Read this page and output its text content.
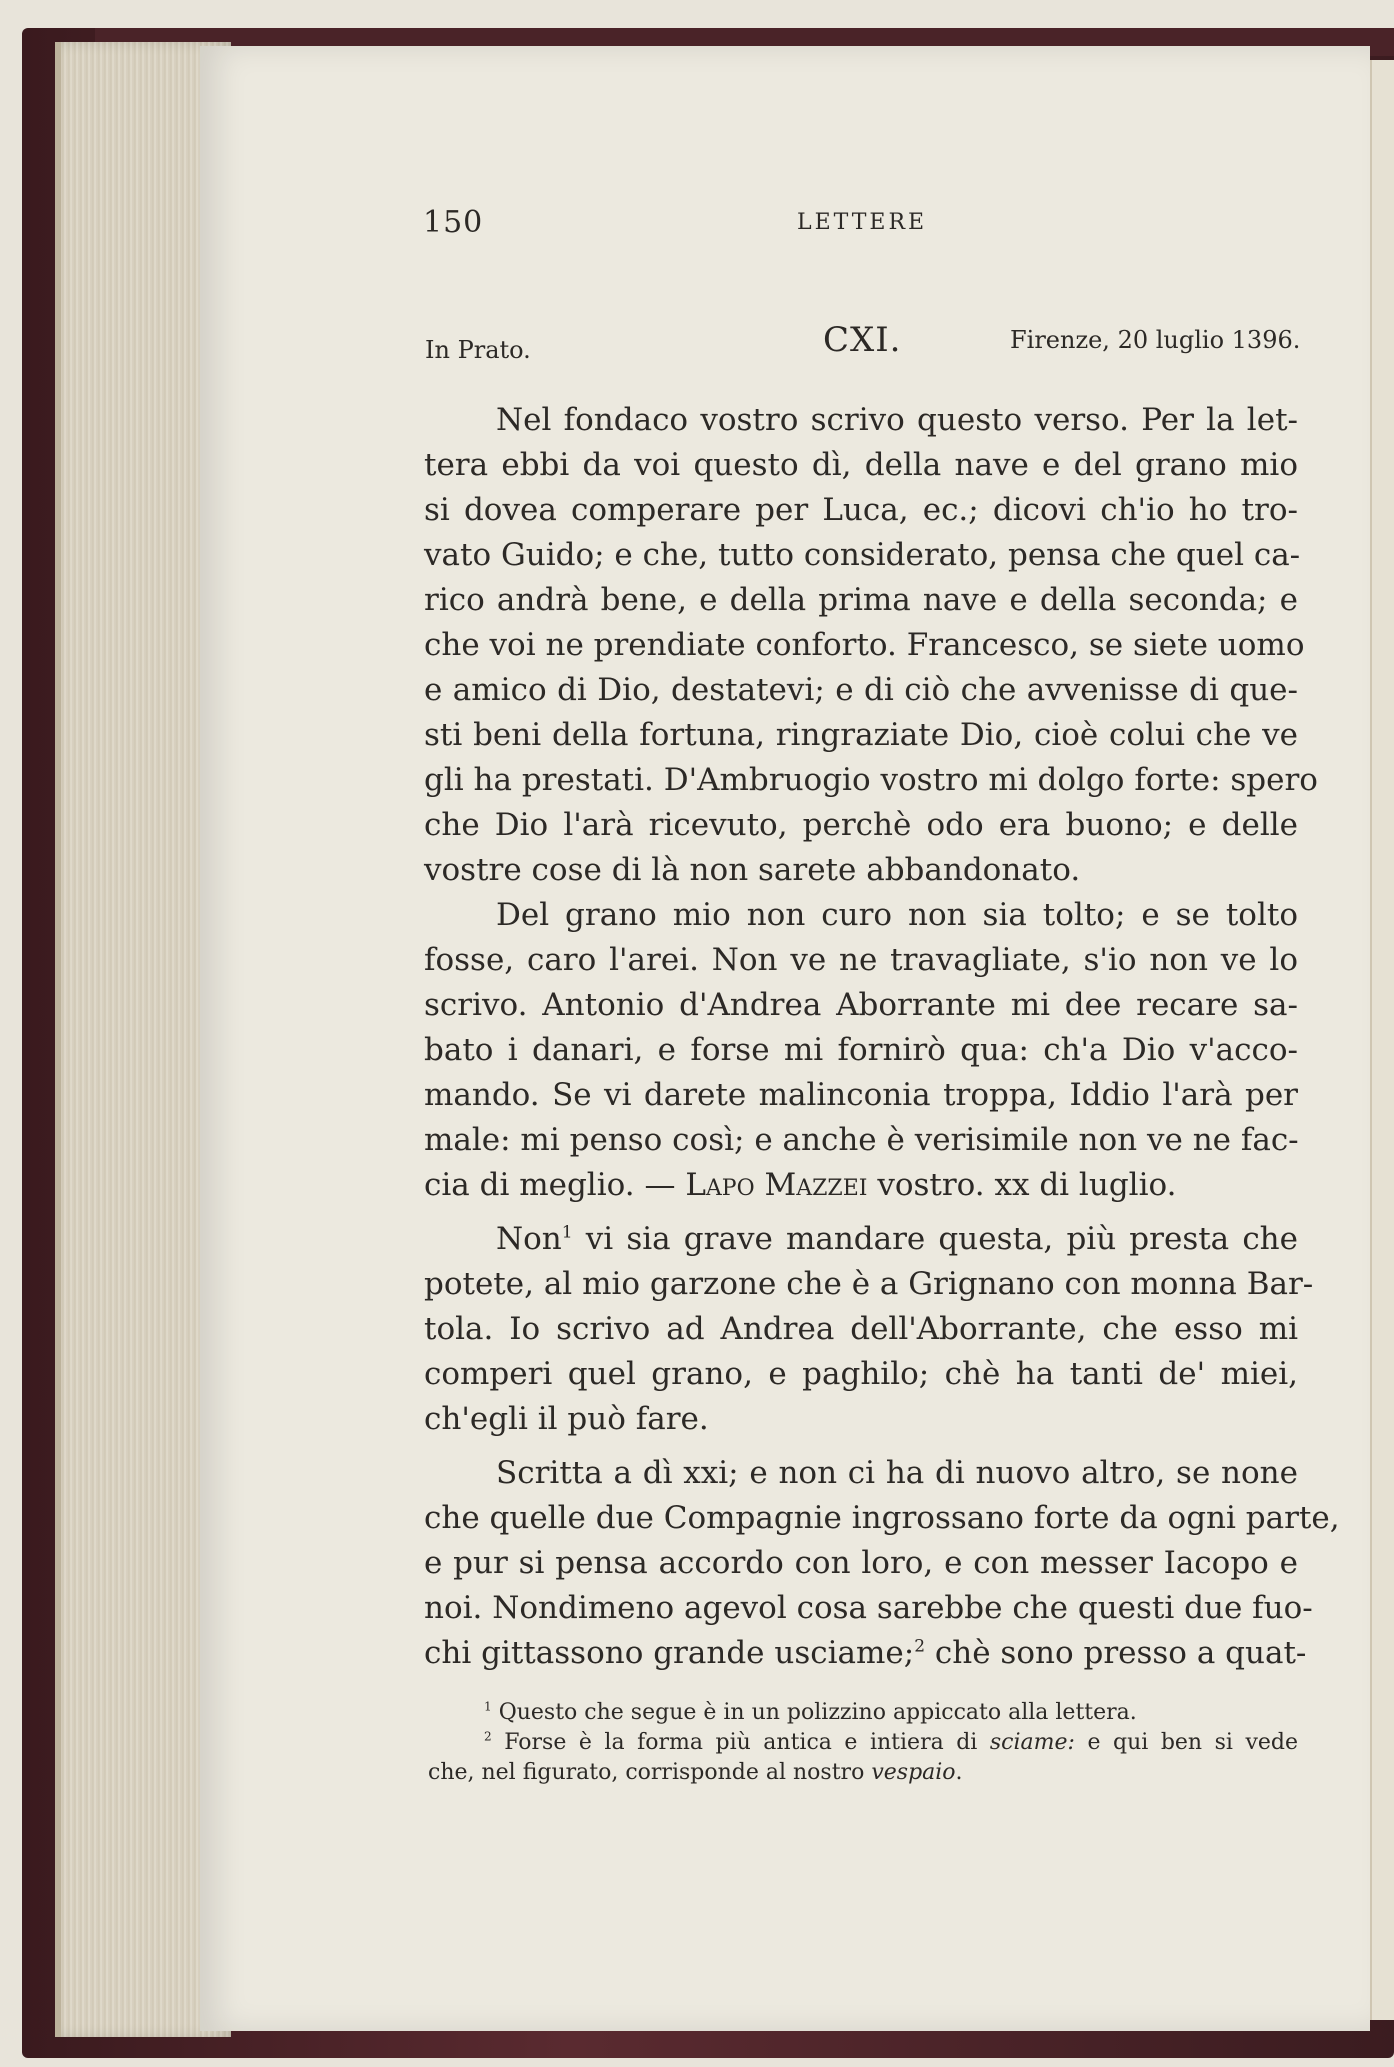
150	LETTERE
In Prato.	CXI.	Firenze, 20 luglio 1396.
Nel fondaco vostro scrivo questo verso. Per la let-
tera ebbi da voi questo dì, della nave e del grano mio
si dovea comperare per Luca, ec.; dicovi ch'io ho tro-
vato Guido; e che, tutto considerato, pensa che quel ca-
rico andrà bene, e della prima nave e della seconda; e
che voi ne prendiate conforto. Francesco, se siete uomo
e amico di Dio, destatevi; e di ciò che avvenisse di que-
sti beni della fortuna, ringraziate Dio, cioè colui che ve
gli ha prestati. D'Ambruogio vostro mi dolgo forte: spero
che Dio l'arà ricevuto, perchè odo era buono; e delle
vostre cose di là non sarete abbandonato.
Del grano mio non curo non sia tolto; e se tolto
fosse, caro l'arei. Non ve ne travagliate, s'io non ve lo
scrivo. Antonio d'Andrea Aborrante mi dee recare sa-
bato i danari, e forse mi fornirò qua: ch'a Dio v'acco-
mando. Se vi darete malinconia troppa, Iddio l'arà per
male: mi penso così; e anche è verisimile non ve ne fac-
cia di meglio. — Lapo Mazzei vostro. xx di luglio.
Non$^1$ vi sia grave mandare questa, più presta che
potete, al mio garzone che è a Grignano con monna Bar-
tola. Io scrivo ad Andrea dell'Aborrante, che esso mi
comperi quel grano, e paghilo; chè ha tanti de' miei,
ch'egli il può fare.
Scritta a dì xxi; e non ci ha di nuovo altro, se none
che quelle due Compagnie ingrossano forte da ogni parte,
e pur si pensa accordo con loro, e con messer Iacopo e
noi. Nondimeno agevol cosa sarebbe che questi due fuo-
chi gittassono grande usciame;$^2$ chè sono presso a quat-
$^1$ Questo che segue è in un polizzino appiccato alla lettera.
$^2$ Forse è la forma più antica e intiera di sciame: e qui ben si vede
che, nel figurato, corrisponde al nostro vespaio.
